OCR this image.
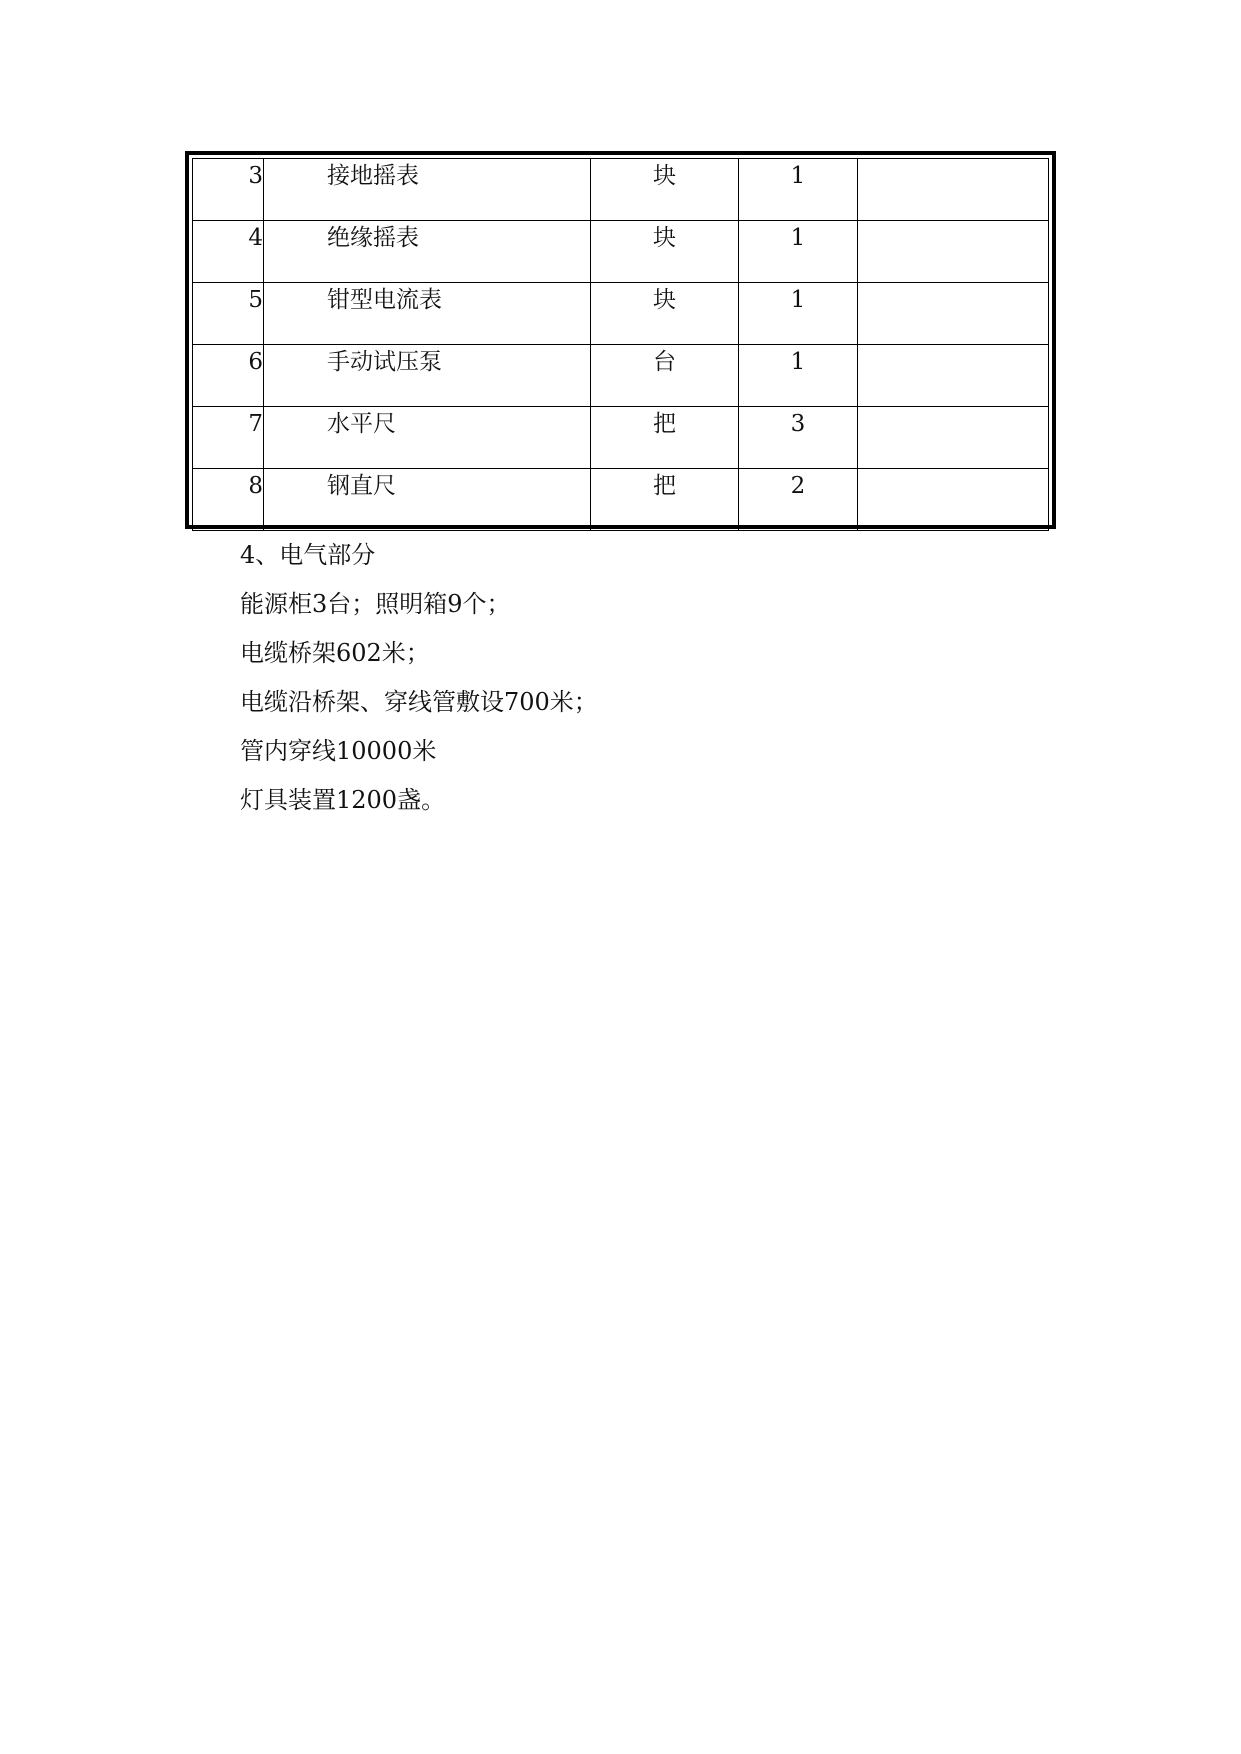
3	接地摇表	块	1	

4	绝缘摇表	块	1	

5	钳型电流表	块	1	

6	手动试压泵	台	1	

7	水平尺	把	3	

8	钢直尺	把	2	

4、电气部分
能源柜3台；照明箱9个；
电缆桥架602米；
电缆沿桥架、穿线管敷设700米；
管内穿线10000米
灯具装置1200盏。
